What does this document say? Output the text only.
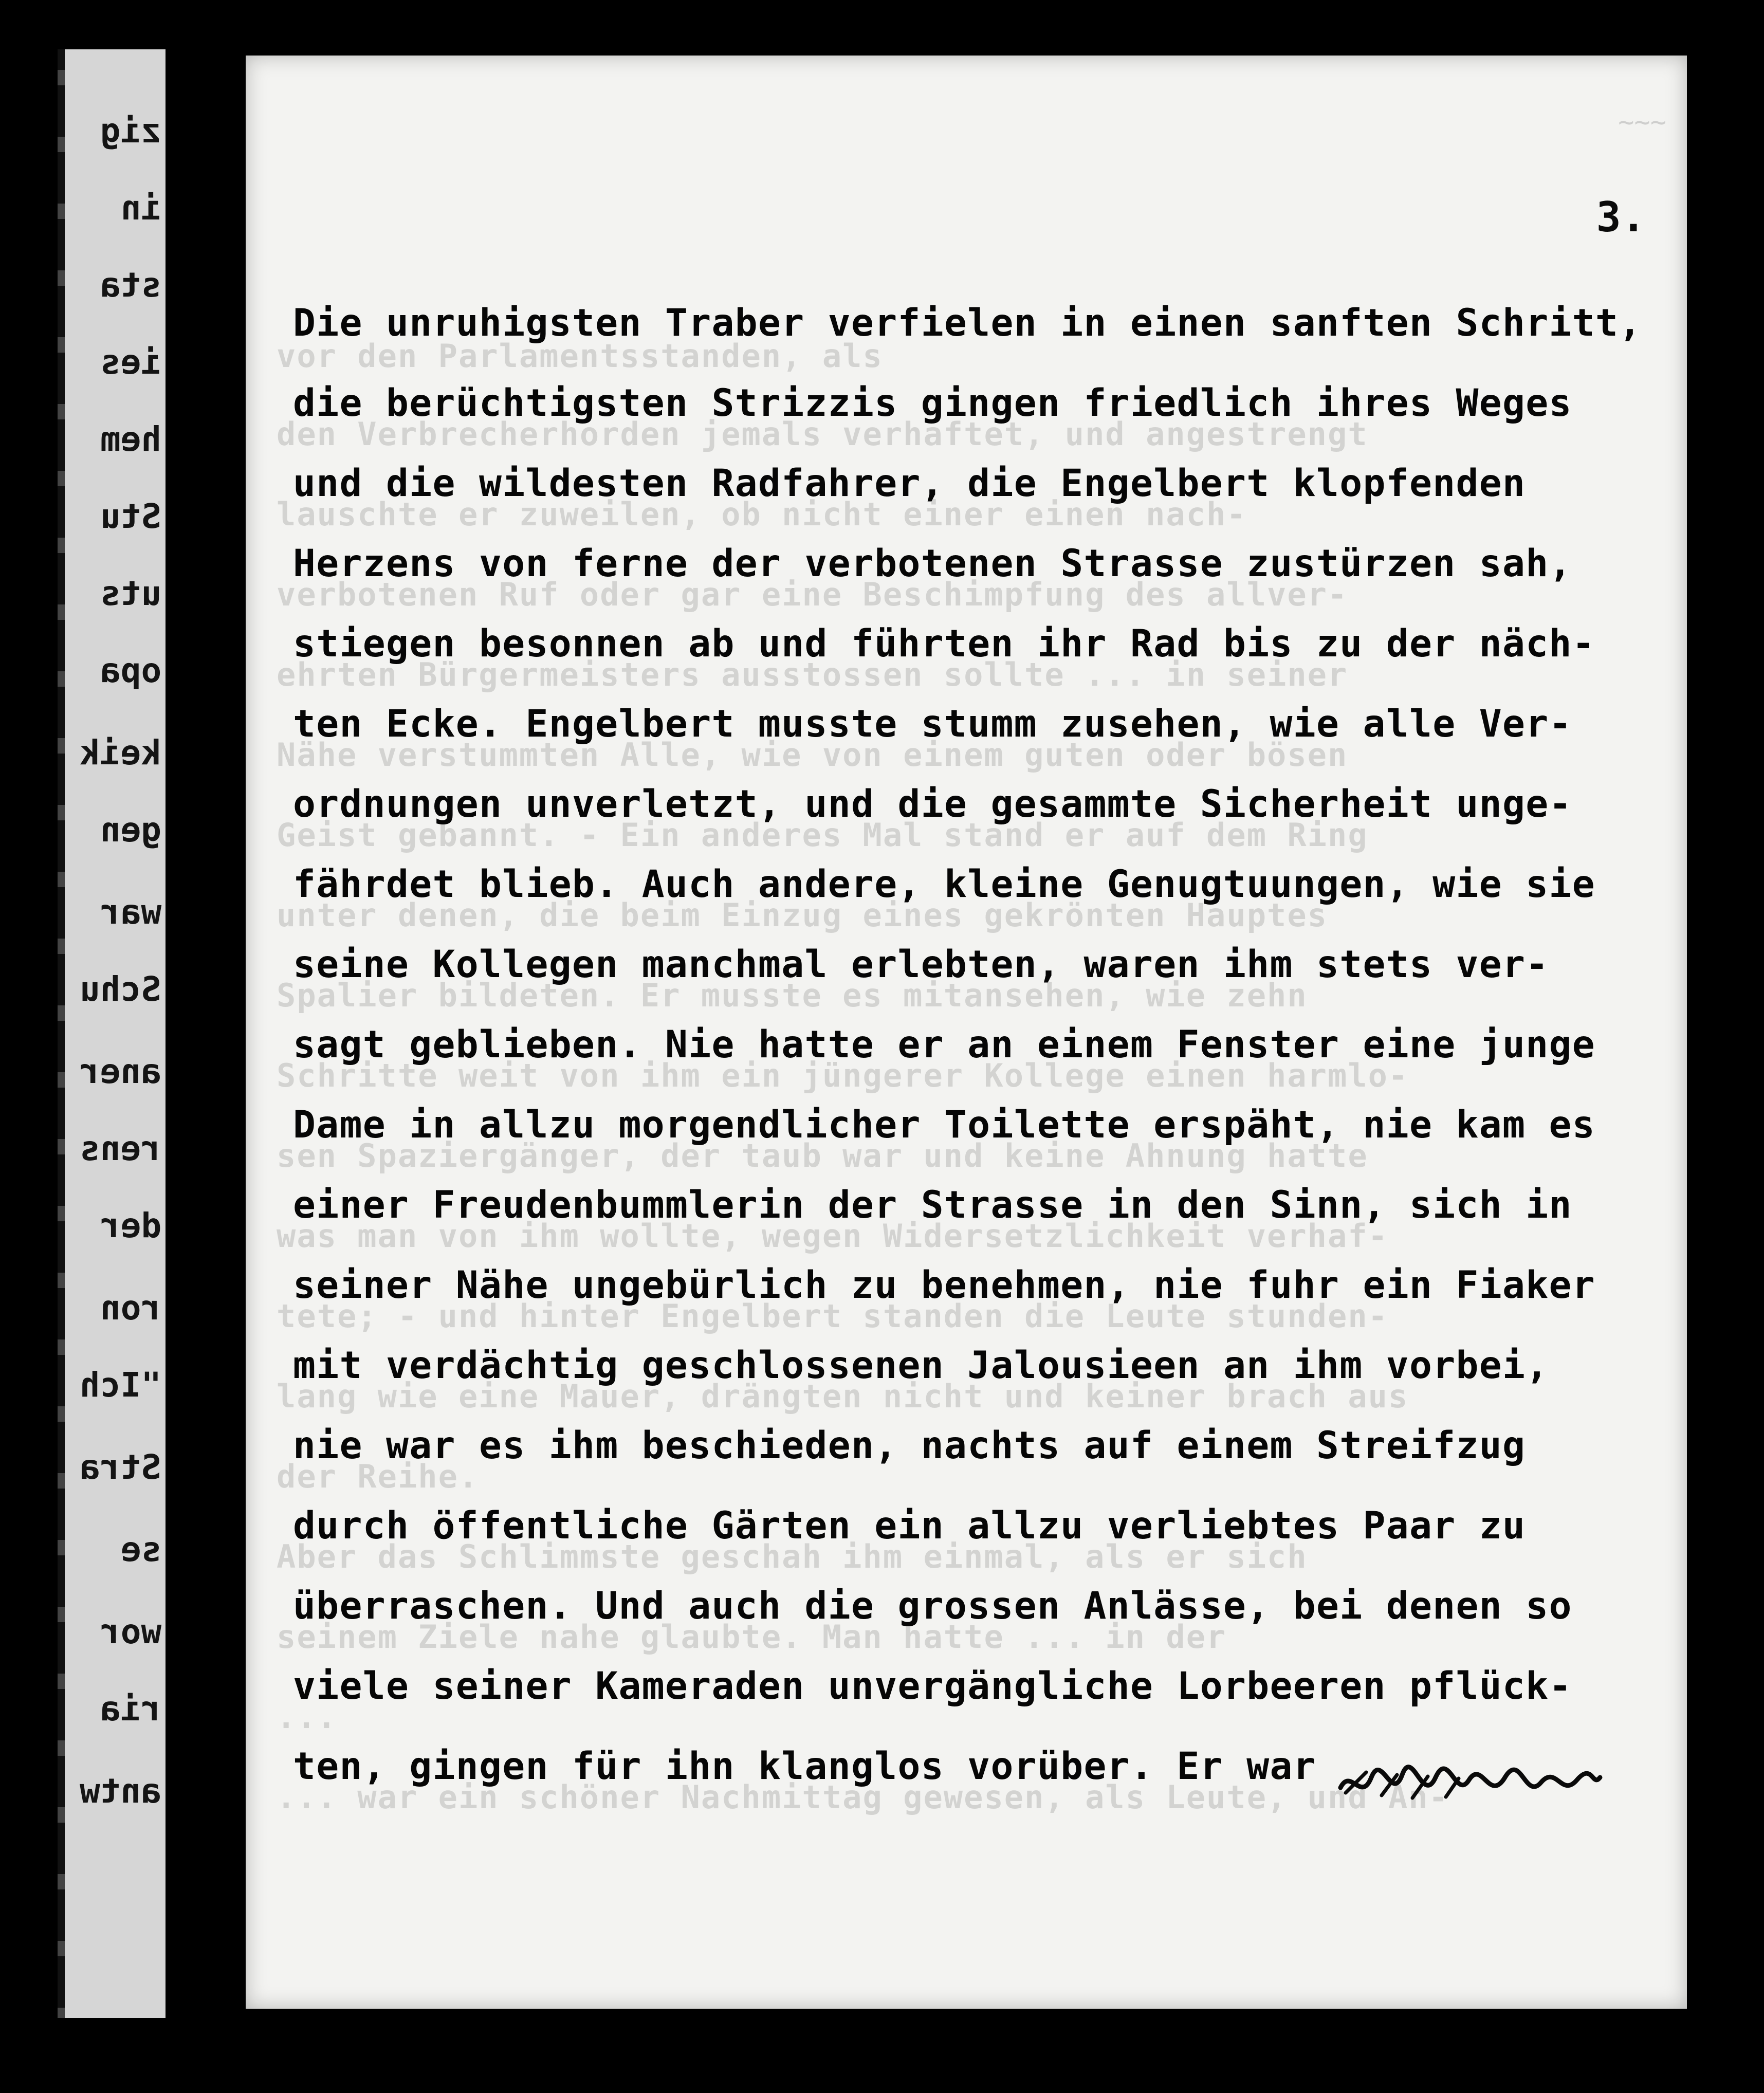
zig
in
sta
ies
hem
Stu
uts
opa
keik
gen
war
Schu
aner
rens
der
ron
"Ich
Stra
se
wor
ria
antw
vor den Parlamentsstanden, als
den Verbrecherhorden jemals verhaftet, und angestrengt
lauschte er zuweilen, ob nicht einer einen nach-
verbotenen Ruf oder gar eine Beschimpfung des allver-
ehrten Bürgermeisters ausstossen sollte ... in seiner
Nähe verstummten Alle, wie von einem guten oder bösen
Geist gebannt. - Ein anderes Mal stand er auf dem Ring
unter denen, die beim Einzug eines gekrönten Hauptes
Spalier bildeten. Er musste es mitansehen, wie zehn
Schritte weit von ihm ein jüngerer Kollege einen harmlo-
sen Spaziergänger, der taub war und keine Ahnung hatte
was man von ihm wollte, wegen Widersetzlichkeit verhaf-
tete; - und hinter Engelbert standen die Leute stunden-
lang wie eine Mauer, drängten nicht und keiner brach aus
der Reihe.
Aber das Schlimmste geschah ihm einmal, als er sich
seinem Ziele nahe glaubte. Man hatte ... in der
...
... war ein schöner Nachmittag gewesen, als Leute, und An-
~~~
3.
Die unruhigsten Traber verfielen in einen sanften Schritt,
die berüchtigsten Strizzis gingen friedlich ihres Weges
und die wildesten Radfahrer, die Engelbert klopfenden
Herzens von ferne der verbotenen Strasse zustürzen sah,
stiegen besonnen ab und führten ihr Rad bis zu der näch-
ten Ecke. Engelbert musste stumm zusehen, wie alle Ver-
ordnungen unverletzt, und die gesammte Sicherheit unge-
fährdet blieb. Auch andere, kleine Genugtuungen, wie sie
seine Kollegen manchmal erlebten, waren ihm stets ver-
sagt geblieben. Nie hatte er an einem Fenster eine junge
Dame in allzu morgendlicher Toilette erspäht, nie kam es
einer Freudenbummlerin der Strasse in den Sinn, sich in
seiner Nähe ungebürlich zu benehmen, nie fuhr ein Fiaker
mit verdächtig geschlossenen Jalousieen an ihm vorbei,
nie war es ihm beschieden, nachts auf einem Streifzug
durch öffentliche Gärten ein allzu verliebtes Paar zu
überraschen. Und auch die grossen Anlässe, bei denen so
viele seiner Kameraden unvergängliche Lorbeeren pflück-
ten, gingen für ihn klanglos vorüber. Er war
